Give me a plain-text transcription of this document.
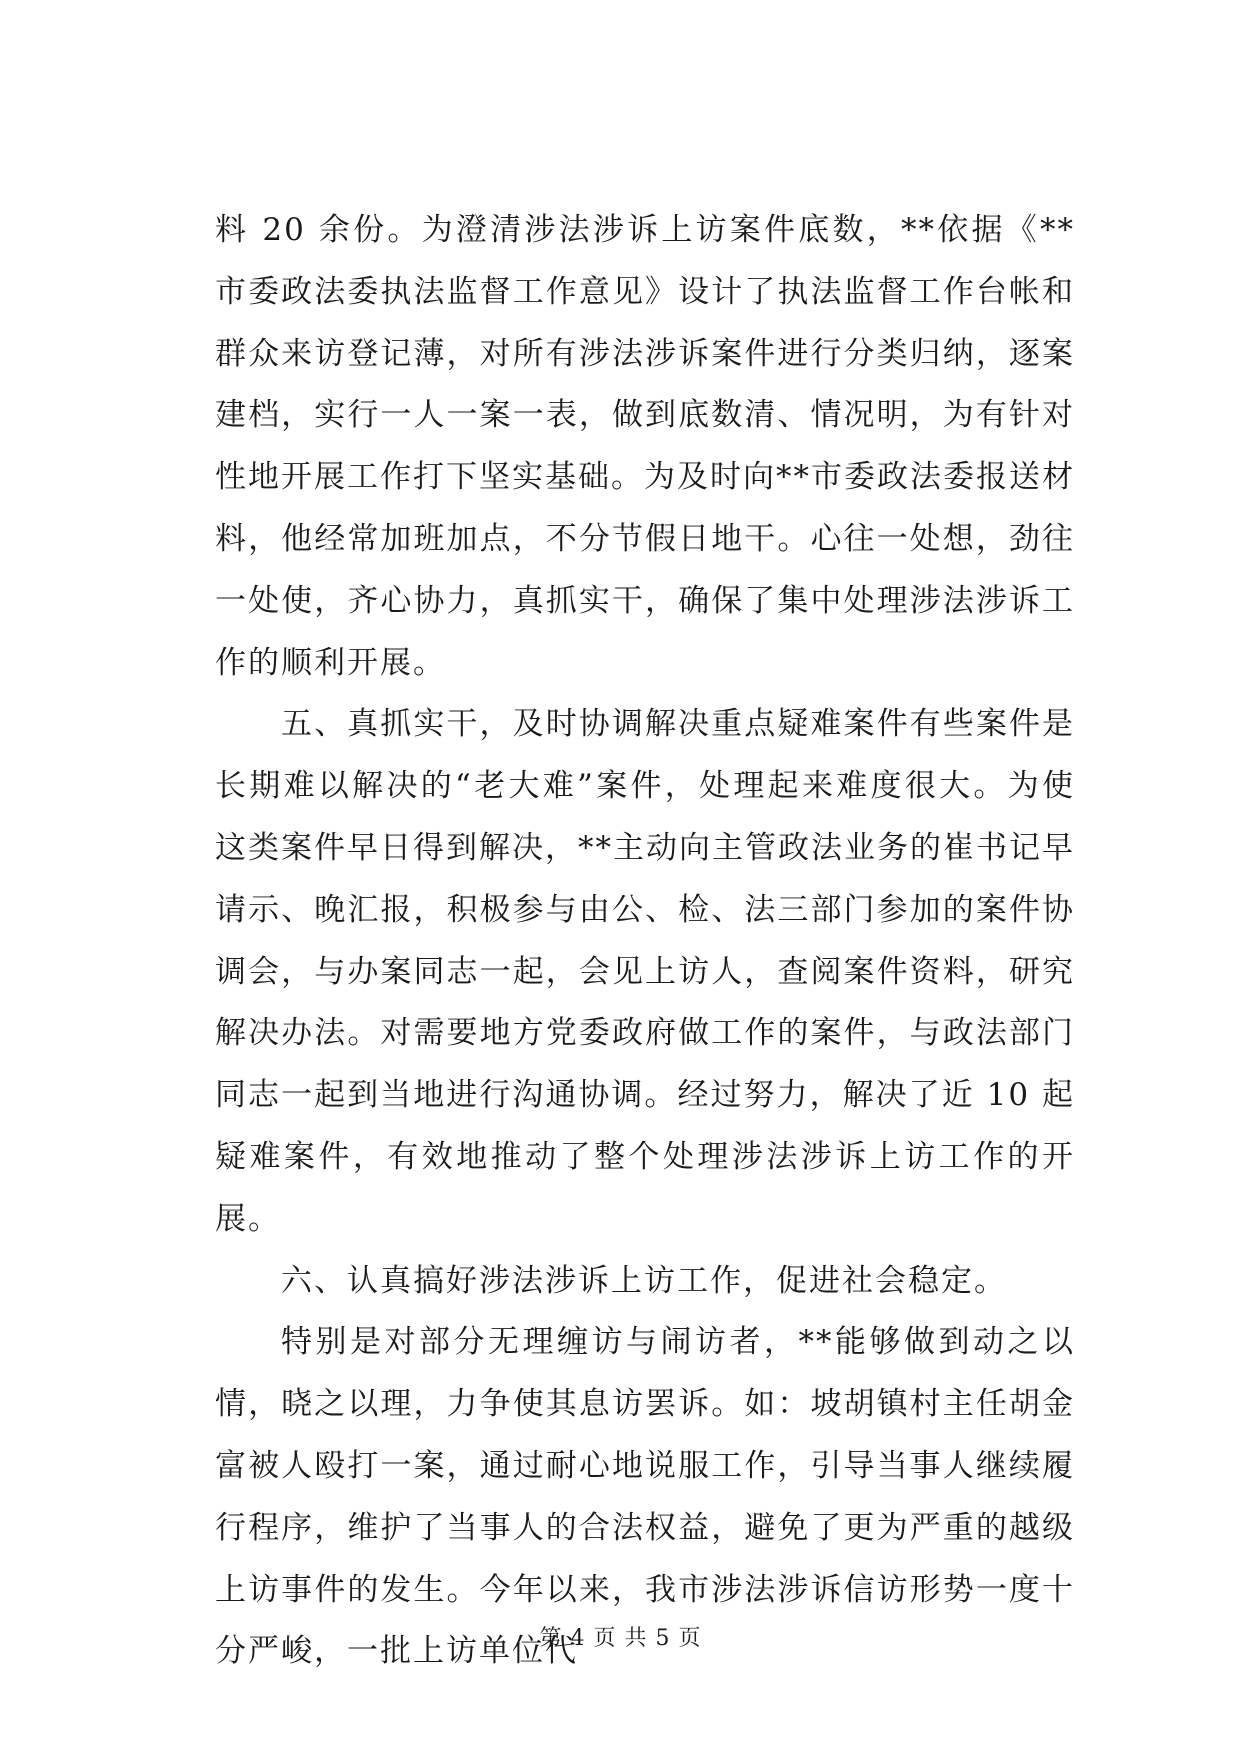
料 20 余份。为澄清涉法涉诉上访案件底数，**依据《**市委政法委执法监督工作意见》设计了执法监督工作台帐和群众来访登记薄，对所有涉法涉诉案件进行分类归纳，逐案建档，实行一人一案一表，做到底数清、情况明，为有针对性地开展工作打下坚实基础。为及时向**市委政法委报送材料，他经常加班加点，不分节假日地干。心往一处想，劲往一处使，齐心协力，真抓实干，确保了集中处理涉法涉诉工作的顺利开展。

五、真抓实干，及时协调解决重点疑难案件有些案件是长期难以解决的“老大难”案件，处理起来难度很大。为使这类案件早日得到解决，**主动向主管政法业务的崔书记早请示、晚汇报，积极参与由公、检、法三部门参加的案件协调会，与办案同志一起，会见上访人，查阅案件资料，研究解决办法。对需要地方党委政府做工作的案件，与政法部门同志一起到当地进行沟通协调。经过努力，解决了近 10 起疑难案件，有效地推动了整个处理涉法涉诉上访工作的开展。

六、认真搞好涉法涉诉上访工作，促进社会稳定。

特别是对部分无理缠访与闹访者，**能够做到动之以情，晓之以理，力争使其息访罢诉。如：坡胡镇村主任胡金富被人殴打一案，通过耐心地说服工作，引导当事人继续履行程序，维护了当事人的合法权益，避免了更为严重的越级上访事件的发生。今年以来，我市涉法涉诉信访形势一度十分严峻，一批上访单位代

第 4 页 共 5 页
